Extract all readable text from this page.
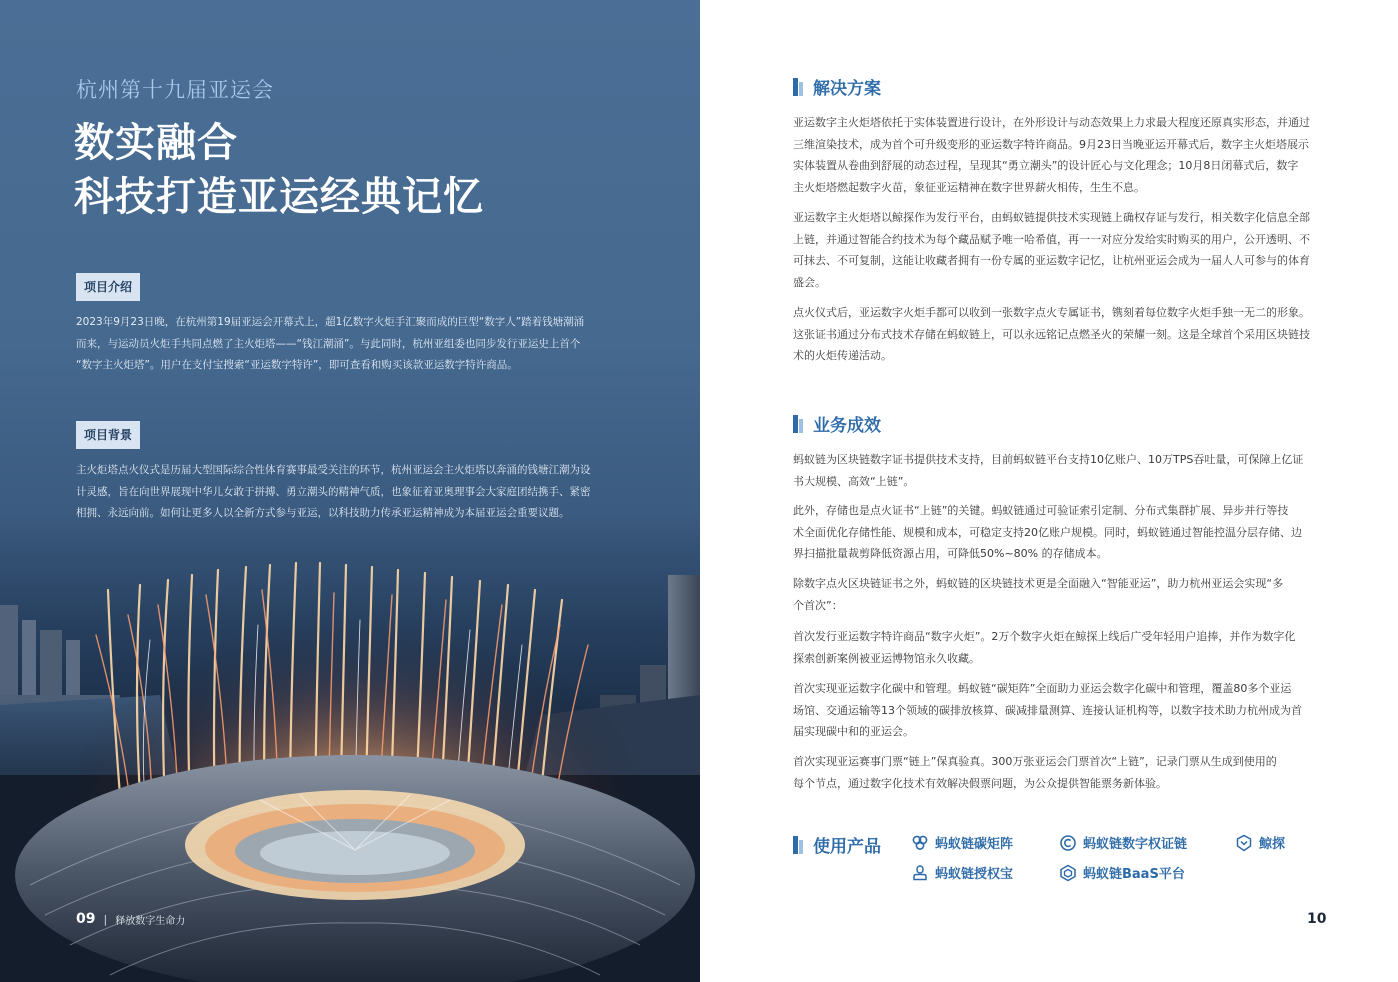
杭州第十九届亚运会
数实融合
科技打造亚运经典记忆
项目介绍
2023年9月23日晚，在杭州第19届亚运会开幕式上，超1亿数字火炬手汇聚而成的巨型“数字人”踏着钱塘潮涌
而来，与运动员火炬手共同点燃了主火炬塔——“钱江潮涌”。与此同时，杭州亚组委也同步发行亚运史上首个
“数字主火炬塔”。用户在支付宝搜索“亚运数字特许”，即可查看和购买该款亚运数字特许商品。
项目背景
主火炬塔点火仪式是历届大型国际综合性体育赛事最受关注的环节，杭州亚运会主火炬塔以奔涌的钱塘江潮为设
计灵感，旨在向世界展现中华儿女敢于拼搏、勇立潮头的精神气质，也象征着亚奥理事会大家庭团结携手、紧密
相拥、永远向前。如何让更多人以全新方式参与亚运，以科技助力传承亚运精神成为本届亚运会重要议题。
09 | 释放数字生命力
解决方案
亚运数字主火炬塔依托于实体装置进行设计，在外形设计与动态效果上力求最大程度还原真实形态，并通过
三维渲染技术，成为首个可升级变形的亚运数字特许商品。9月23日当晚亚运开幕式后，数字主火炬塔展示
实体装置从卷曲到舒展的动态过程，呈现其“勇立潮头”的设计匠心与文化理念；10月8日闭幕式后，数字
主火炬塔燃起数字火苗，象征亚运精神在数字世界薪火相传，生生不息。
亚运数字主火炬塔以鲸探作为发行平台，由蚂蚁链提供技术实现链上确权存证与发行，相关数字化信息全部
上链，并通过智能合约技术为每个藏品赋予唯一哈希值，再一一对应分发给实时购买的用户，公开透明、不
可抹去、不可复制，这能让收藏者拥有一份专属的亚运数字记忆，让杭州亚运会成为一届人人可参与的体育
盛会。
点火仪式后，亚运数字火炬手都可以收到一张数字点火专属证书，镌刻着每位数字火炬手独一无二的形象。
这张证书通过分布式技术存储在蚂蚁链上，可以永远铭记点燃圣火的荣耀一刻。这是全球首个采用区块链技
术的火炬传递活动。
业务成效
蚂蚁链为区块链数字证书提供技术支持，目前蚂蚁链平台支持10亿账户、10万TPS吞吐量，可保障上亿证
书大规模、高效“上链”。
此外，存储也是点火证书“上链”的关键。蚂蚁链通过可验证索引定制、分布式集群扩展、异步并行等技
术全面优化存储性能、规模和成本，可稳定支持20亿账户规模。同时，蚂蚁链通过智能控温分层存储、边
界扫描批量裁剪降低资源占用，可降低50%~80% 的存储成本。
除数字点火区块链证书之外，蚂蚁链的区块链技术更是全面融入“智能亚运”，助力杭州亚运会实现“多
个首次”：
首次发行亚运数字特许商品“数字火炬”。2万个数字火炬在鲸探上线后广受年轻用户追捧，并作为数字化
探索创新案例被亚运博物馆永久收藏。
首次实现亚运数字化碳中和管理。蚂蚁链“碳矩阵”全面助力亚运会数字化碳中和管理，覆盖80多个亚运
场馆、交通运输等13个领域的碳排放核算、碳减排量测算、连接认证机构等，以数字技术助力杭州成为首
届实现碳中和的亚运会。
首次实现亚运赛事门票“链上”保真验真。300万张亚运会门票首次“上链”，记录门票从生成到使用的
每个节点，通过数字化技术有效解决假票问题，为公众提供智能票务新体验。
使用产品	蚂蚁链碳矩阵	蚂蚁链数字权证链	鲸探
蚂蚁链授权宝	蚂蚁链BaaS平台
10
